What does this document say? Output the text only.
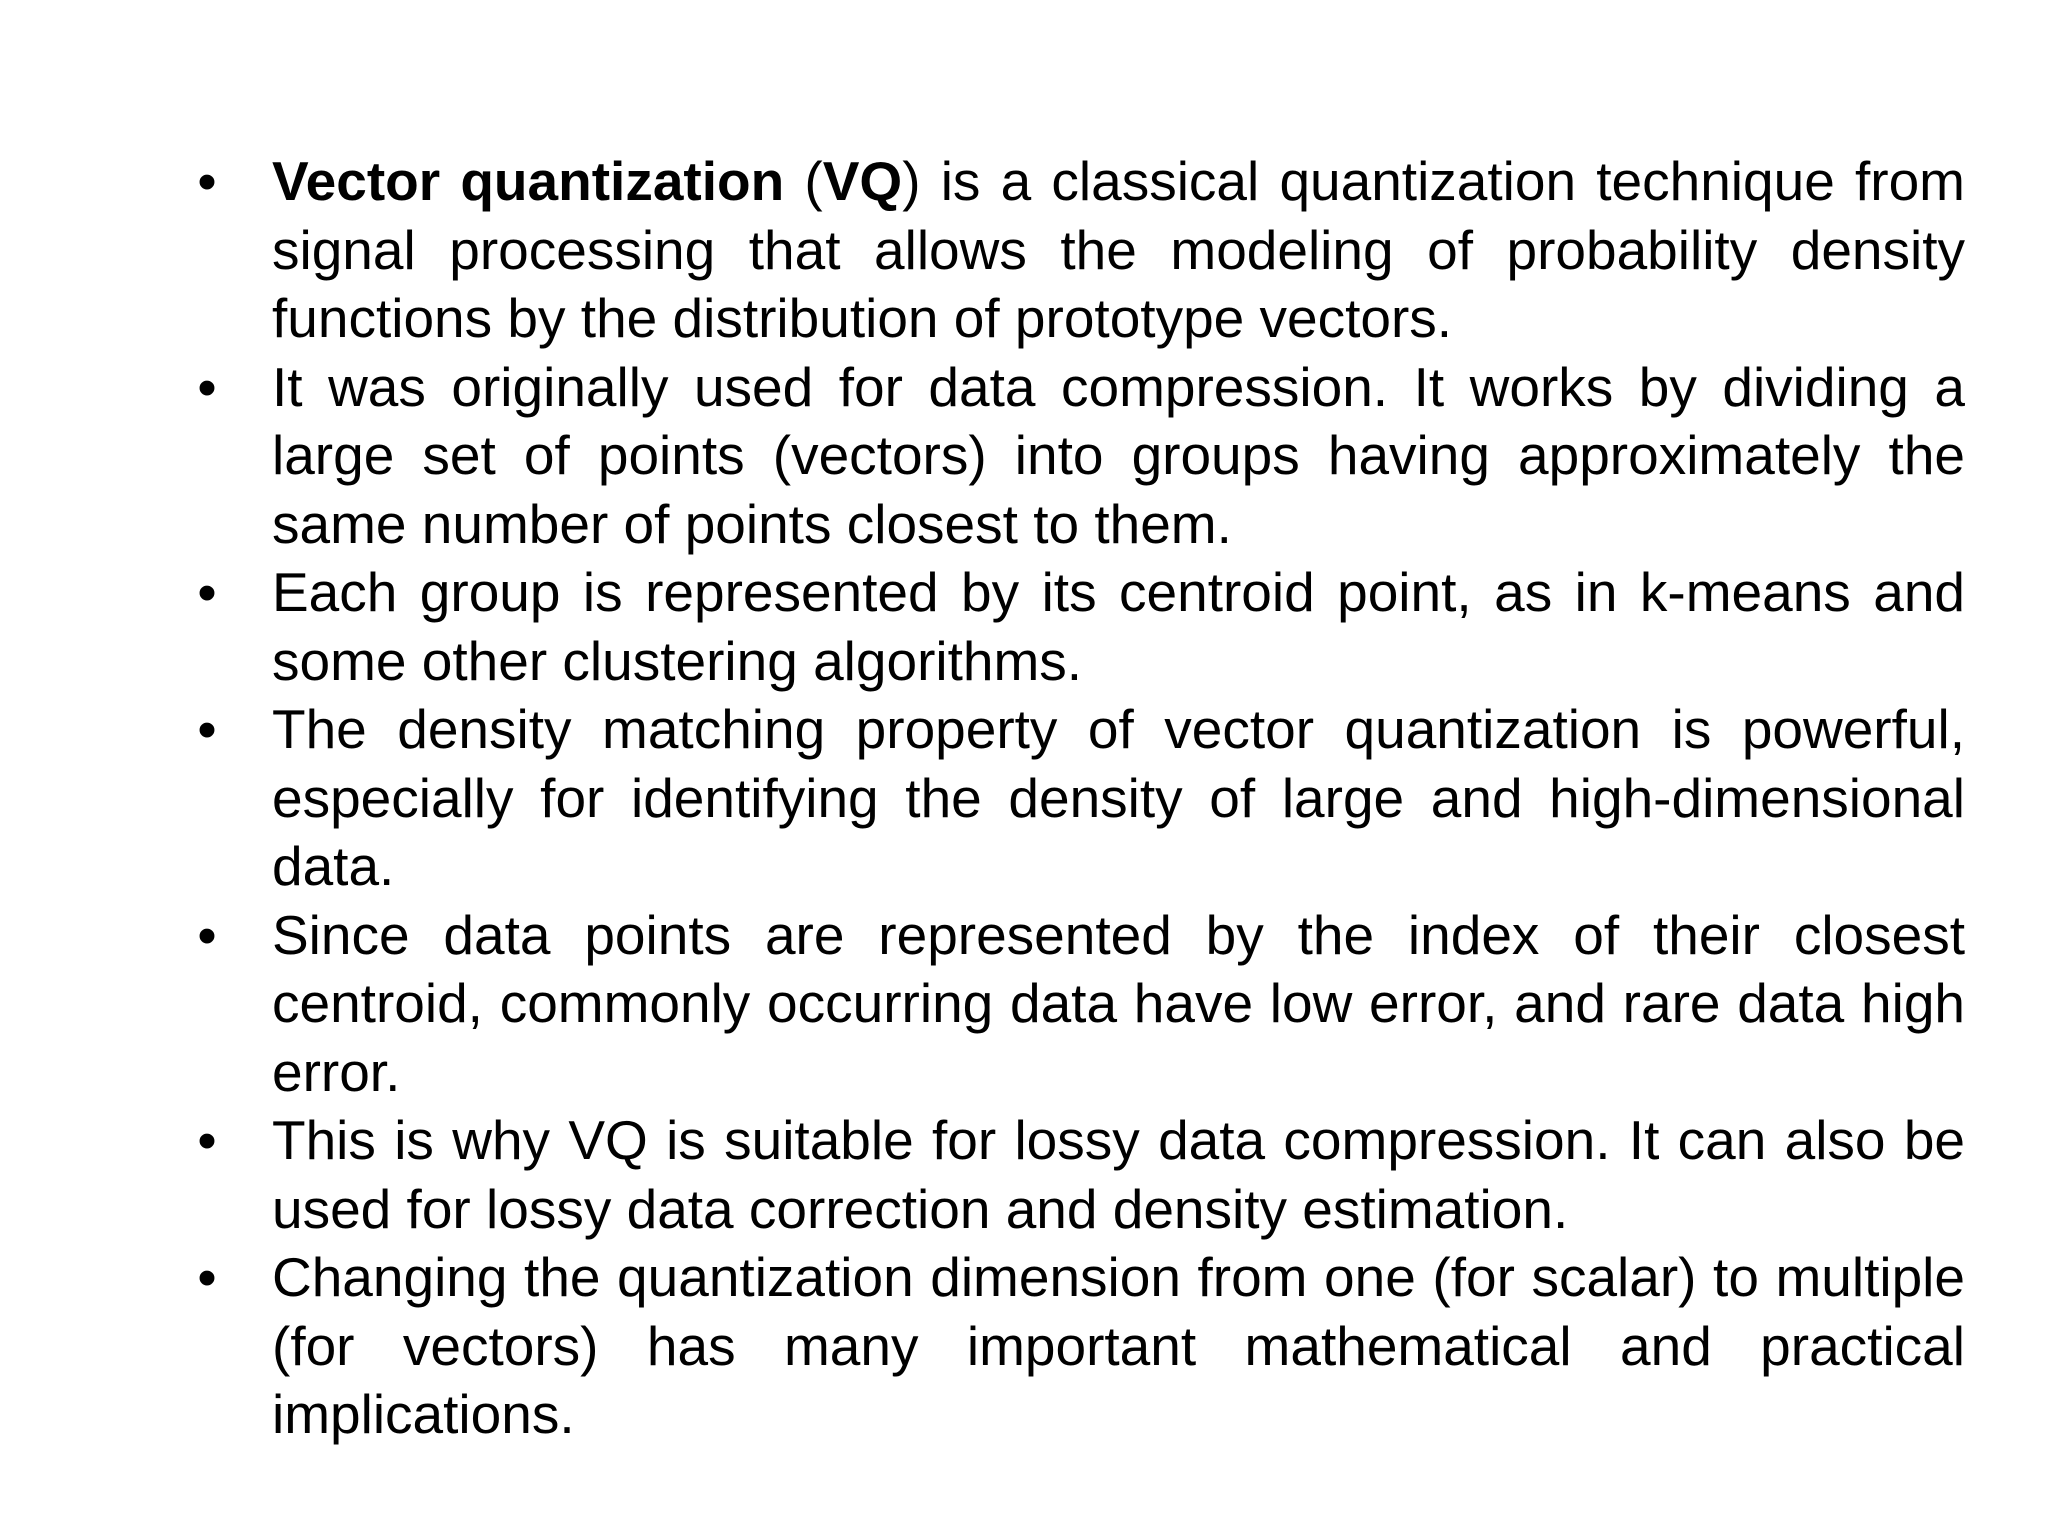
• Vector quantization (VQ) is a classical quantization technique from signal processing that allows the modeling of probability density functions by the distribution of prototype vectors.
• It was originally used for data compression. It works by dividing a large set of points (vectors) into groups having approximately the same number of points closest to them.
• Each group is represented by its centroid point, as in k-means and some other clustering algorithms.
• The density matching property of vector quantization is powerful, especially for identifying the density of large and high-dimensional data.
• Since data points are represented by the index of their closest centroid, commonly occurring data have low error, and rare data high error.
• This is why VQ is suitable for lossy data compression. It can also be used for lossy data correction and density estimation.
• Changing the quantization dimension from one (for scalar) to multiple (for vectors) has many important mathematical and practical implications.
